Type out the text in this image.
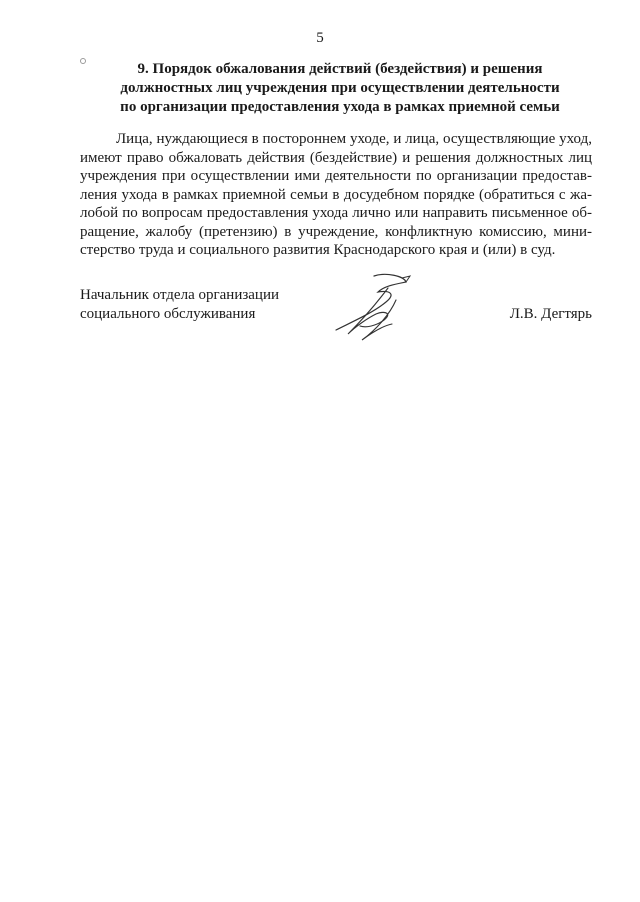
5
9. Порядок обжалования действий (бездействия) и решения
должностных лиц учреждения при осуществлении деятельности
по организации предоставления ухода в рамках приемной семьи
Лица, нуждающиеся в постороннем уходе, и лица, осуществляющие уход,
имеют право обжаловать действия (бездействие) и решения должностных лиц
учреждения при осуществлении ими деятельности по организации предостав-
ления ухода в рамках приемной семьи в досудебном порядке (обратиться с жа-
лобой по вопросам предоставления ухода лично или направить письменное об-
ращение, жалобу (претензию) в учреждение, конфликтную комиссию, мини-
стерство труда и социального развития Краснодарского края и (или) в суд.
Начальник отдела организации
социального обслуживания	Л.В. Дегтярь
